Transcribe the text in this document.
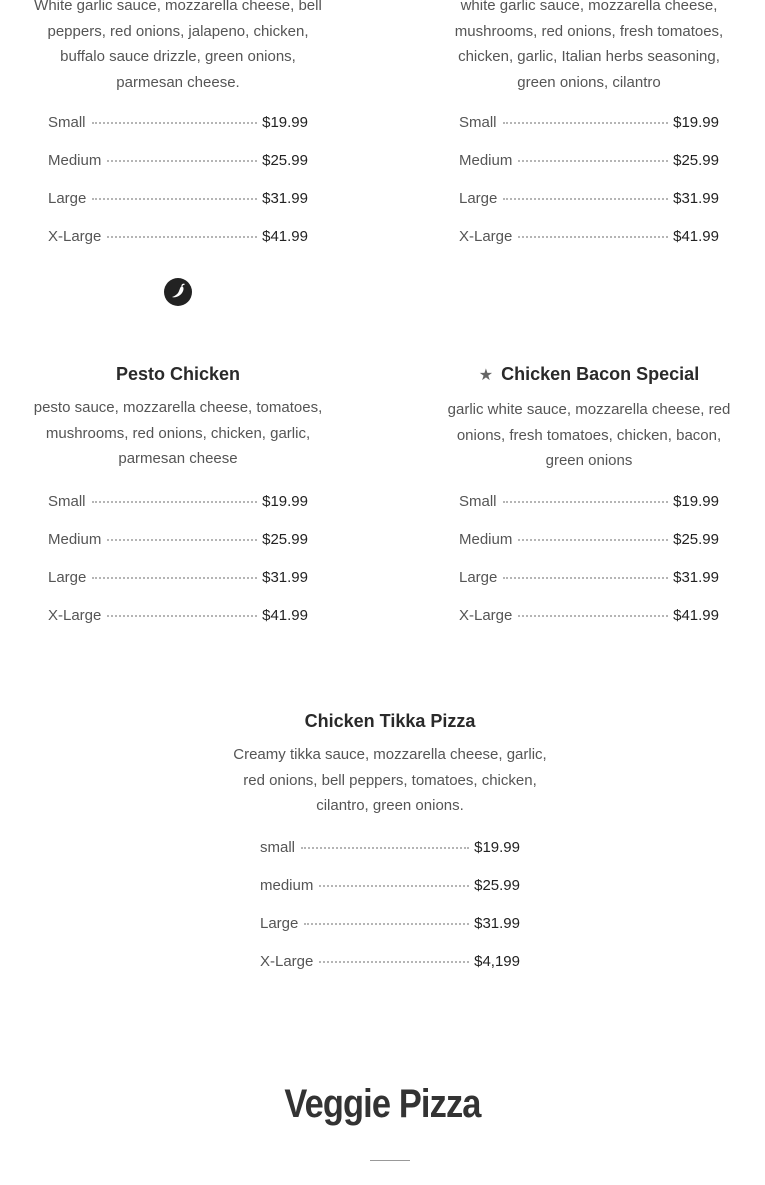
White garlic sauce, mozzarella cheese, bell peppers, red onions, jalapeno, chicken, buffalo sauce drizzle, green onions, parmesan cheese.

Small	$19.99
Medium	$25.99
Large	$31.99
X-Large	$41.99

white garlic sauce, mozzarella cheese, mushrooms, red onions, fresh tomatoes, chicken, garlic, Italian herbs seasoning, green onions, cilantro

Small	$19.99
Medium	$25.99
Large	$31.99
X-Large	$41.99
Pesto Chicken

pesto sauce, mozzarella cheese, tomatoes, mushrooms, red onions, chicken, garlic, parmesan cheese

Small	$19.99
Medium	$25.99
Large	$31.99
X-Large	$41.99
★ Chicken Bacon Special

garlic white sauce, mozzarella cheese, red onions, fresh tomatoes, chicken, bacon, green onions

Small	$19.99
Medium	$25.99
Large	$31.99
X-Large	$41.99
Chicken Tikka Pizza

Creamy tikka sauce, mozzarella cheese, garlic, red onions, bell peppers, tomatoes, chicken, cilantro, green onions.

small	$19.99
medium	$25.99
Large	$31.99
X-Large	$4,199
Veggie Pizza
